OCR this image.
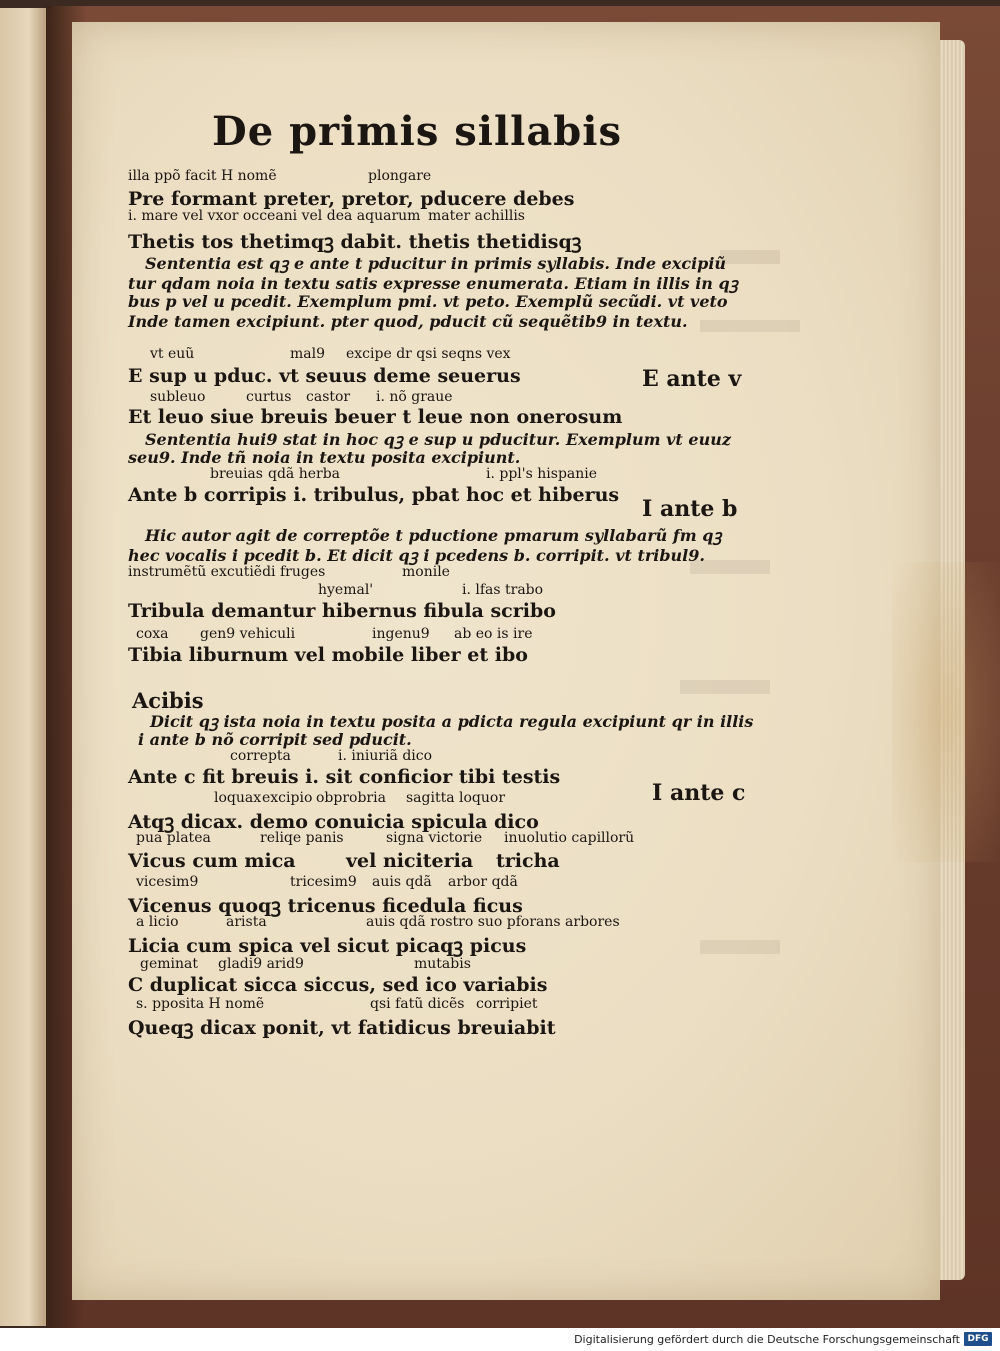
De primis sillabis
illa ppõ facit H nomẽ	plongare
Pre formant preter, pretor, pducere debes
i. mare vel vxor occeani vel dea aquarum mater achillis
Thetis tos thetimqꝫ dabit. thetis thetidisqꝫ
Sententia est qꝫ e ante t pducitur in primis syllabis. Inde excipiũ
tur qdam noia in textu satis expresse enumerata. Etiam in illis in qꝫ
bus p vel u pcedit. Exemplum pmi. vt peto. Exemplũ secũdi. vt veto
Inde tamen excipiunt. pter quod, pducit cũ sequẽtib9 in textu.
vt euũ	mal9 excipe dr qsi seqns vex
E sup u pduc. vt seuus deme seuerus
subleuo	curtus castor i. nõ graue
Et leuo siue breuis beuer t leue non onerosum
Sententia hui9 stat in hoc qꝫ e sup u pducitur. Exemplum vt euuz
seu9. Inde tñ noia in textu posita excipiunt.
breuias qdã herba	i. ppl's hispanie
Ante b corripis i. tribulus, pbat hoc et hiberus
Hic autor agit de correptõe t pductione pmarum syllabarũ fm qꝫ
hec vocalis i pcedit b. Et dicit qꝫ i pcedens b. corripit. vt tribul9.
instrumẽtũ excutiẽdi fruges	monile
hyemal'	i. lfas trabo
Tribula demantur hibernus fibula scribo
coxa gen9 vehiculi	ingenu9 ab eo is ire
Tibia liburnum vel mobile liber et ibo
Acibis
Dicit qꝫ ista noia in textu posita a pdicta regula excipiunt qr in illis
i ante b nõ corripit sed pducit.
correpta	i. iniuriã dico
Ante c fit breuis i. sit conficior tibi testis
loquax excipio obprobria sagitta loquor
Atqꝫ dicax. demo conuicia spicula dico
pua platea	reliqe panis	signa victorie inuolutio capillorũ
Vicus cum mica	vel niciteria tricha
vicesim9	tricesim9 auis qdã arbor qdã
Vicenus quoqꝫ tricenus ficedula ficus
a licio	arista	auis qdã rostro suo pforans arbores
Licia cum spica vel sicut picaqꝫ picus
geminat gladi9 arid9	mutabis
C duplicat sicca siccus, sed ico variabis
s. pposita H nomẽ	qsi fatũ dicẽs corripiet
Queqꝫ dicax ponit, vt fatidicus breuiabit
E ante v
I ante b
I ante c
Digitalisierung gefördert durch die Deutsche Forschungsgemeinschaft DFG
